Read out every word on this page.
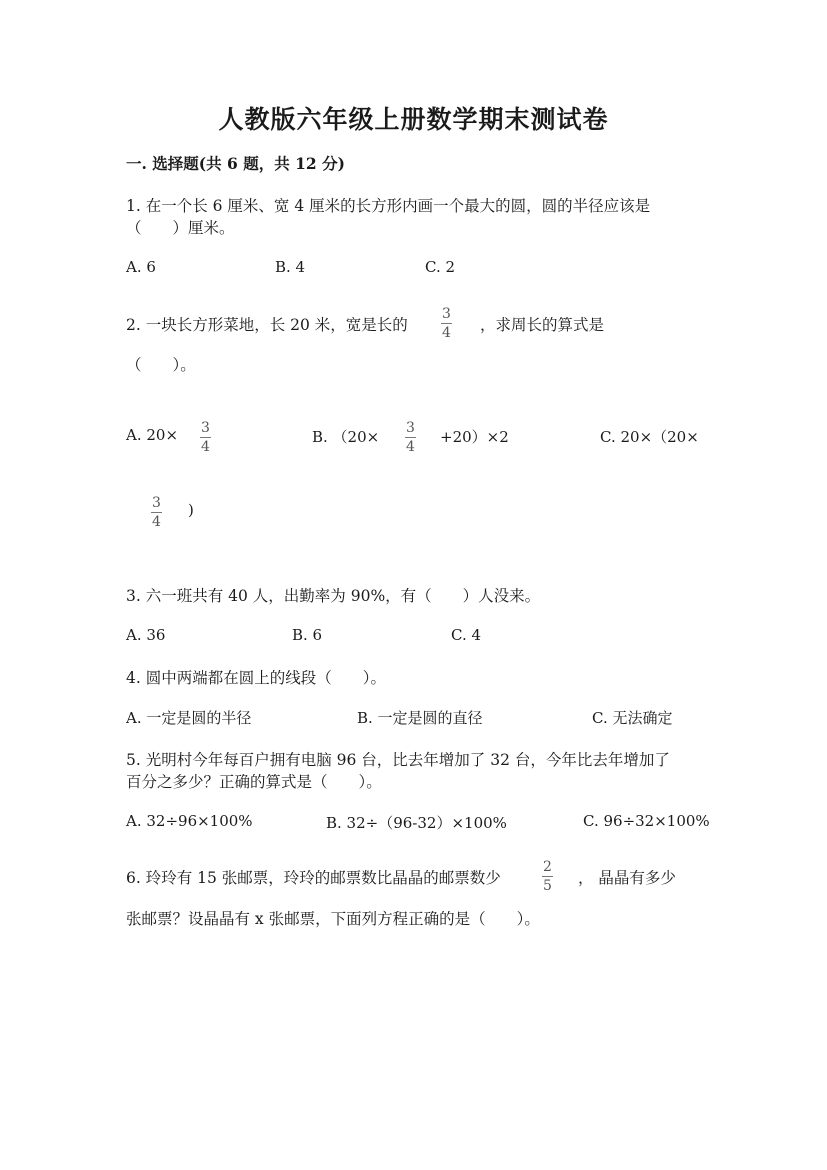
人教版六年级上册数学期末测试卷
一. 选择题(共 6 题，共 12 分)
1. 在一个长 6 厘米、宽 4 厘米的长方形内画一个最大的圆，圆的半径应该是
（　　）厘米。
A. 6	B. 4	C. 2
2. 一块长方形菜地，长 20 米，宽是长的
3
4 ，求周长的算式是
（　　）。
A. 20× 3
4
B. （20× 3
4
+20）×2	C. 20×（20×
3
4
)
3. 六一班共有 40 人，出勤率为 90%，有（　　）人没来。
A. 36	B. 6	C. 4
4. 圆中两端都在圆上的线段（　　）。
A. 一定是圆的半径	B. 一定是圆的直径	C. 无法确定
5. 光明村今年每百户拥有电脑 96 台，比去年增加了 32 台，今年比去年增加了
百分之多少？正确的算式是（　　）。
A. 32÷96×100%	B. 32÷（96-32）×100%	C. 96÷32×100%
6. 玲玲有 15 张邮票，玲玲的邮票数比晶晶的邮票数少
2
5 ， 晶晶有多少
张邮票？设晶晶有 x 张邮票，下面列方程正确的是（　　）。
